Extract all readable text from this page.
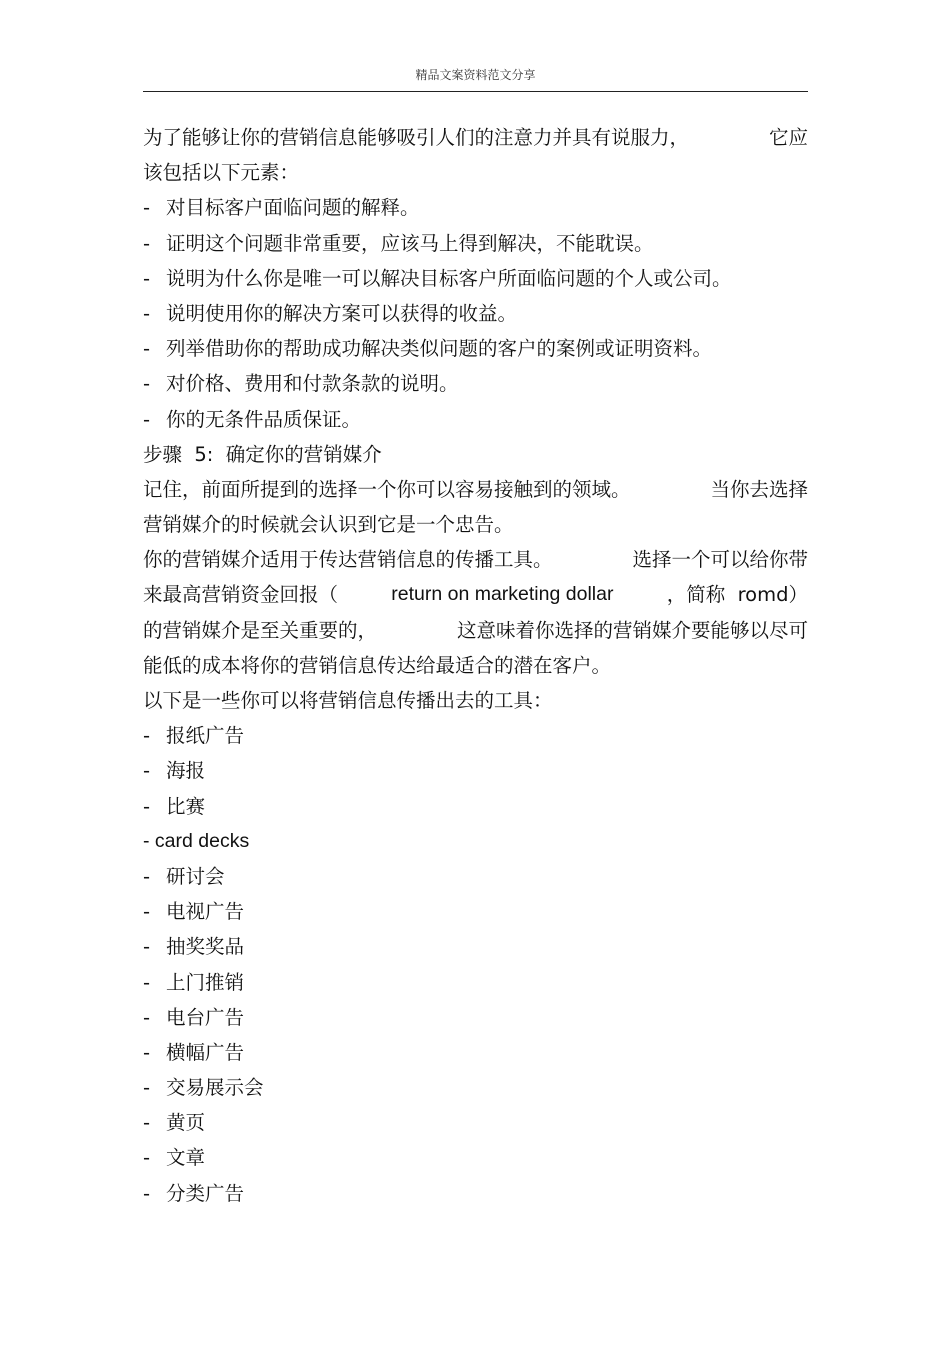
精品文案资料范文分享
为了能够让你的营销信息能够吸引人们的注意力并具有说服力，	它应
该包括以下元素：
- 对目标客户面临问题的解释。
- 证明这个问题非常重要，应该马上得到解决，不能耽误。
- 说明为什么你是唯一可以解决目标客户所面临问题的个人或公司。
- 说明使用你的解决方案可以获得的收益。
- 列举借助你的帮助成功解决类似问题的客户的案例或证明资料。
- 对价格、费用和付款条款的说明。
- 你的无条件品质保证。
步骤  5:  确定你的营销媒介
记住，前面所提到的选择一个你可以容易接触到的领域。	当你去选择
营销媒介的时候就会认识到它是一个忠告。
你的营销媒介适用于传达营销信息的传播工具。	选择一个可以给你带
来最高营销资金回报（	return on marketing dollar	，简称  romd）
的营销媒介是至关重要的，	这意味着你选择的营销媒介要能够以尽可
能低的成本将你的营销信息传达给最适合的潜在客户。
以下是一些你可以将营销信息传播出去的工具：
- 报纸广告
- 海报
- 比赛
- card decks
- 研讨会
- 电视广告
- 抽奖奖品
- 上门推销
- 电台广告
- 横幅广告
- 交易展示会
- 黄页
- 文章
- 分类广告
